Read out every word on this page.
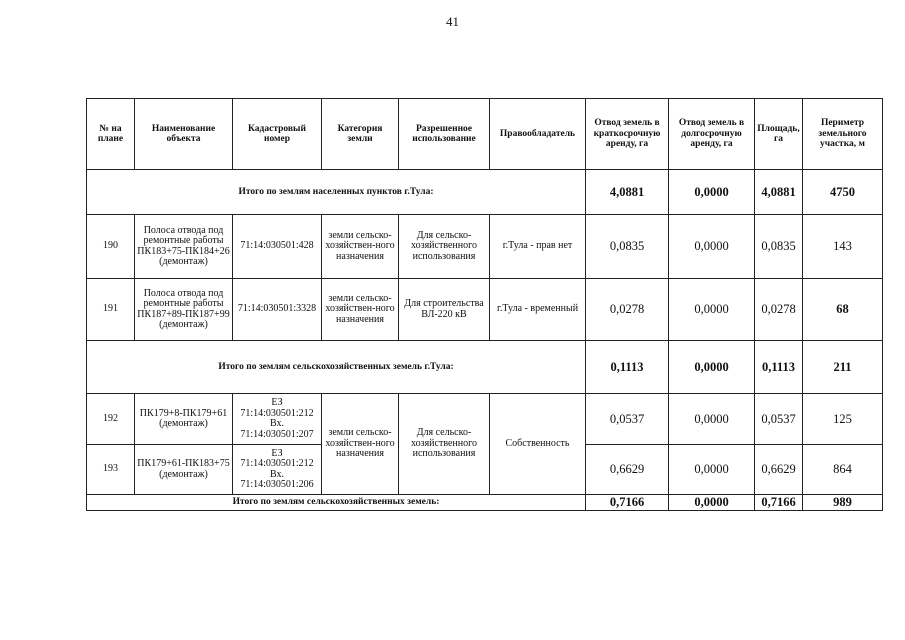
41
№ на плане	Наименование объекта	Кадастровый номер	Категория земли	Разрешенное использование	Правообладатель	Отвод земель в краткосрочную аренду, га	Отвод земель в долгосрочную аренду, га	Площадь, га	Периметр земельного участка, м
Итого по землям населенных пунктов г.Тула:						4,0881	0,0000	4,0881	4750
190	Полоса отвода под ремонтные работы ПК183+75-ПК184+26 (демонтаж)	71:14:030501:428	земли сельско-хозяйствен-ного назначения	Для сельско-хозяйственного использования	г.Тула - прав нет	0,0835	0,0000	0,0835	143
191	Полоса отвода под ремонтные работы ПК187+89-ПК187+99 (демонтаж)	71:14:030501:3328	земли сельско-хозяйствен-ного назначения	Для строительства ВЛ-220 кВ	г.Тула - временный	0,0278	0,0000	0,0278	68
Итого по землям сельскохозяйственных земель г.Тула:						0,1113	0,0000	0,1113	211
192	ПК179+8-ПК179+61 (демонтаж)	ЕЗ 71:14:030501:212 Вх. 71:14:030501:207	земли сельско-хозяйствен-ного назначения	Для сельско-хозяйственного использования	Собственность	0,0537	0,0000	0,0537	125
193	ПК179+61-ПК183+75 (демонтаж)	ЕЗ 71:14:030501:212 Вх. 71:14:030501:206				0,6629	0,0000	0,6629	864
Итого по землям сельскохозяйственных земель:						0,7166	0,0000	0,7166	989
